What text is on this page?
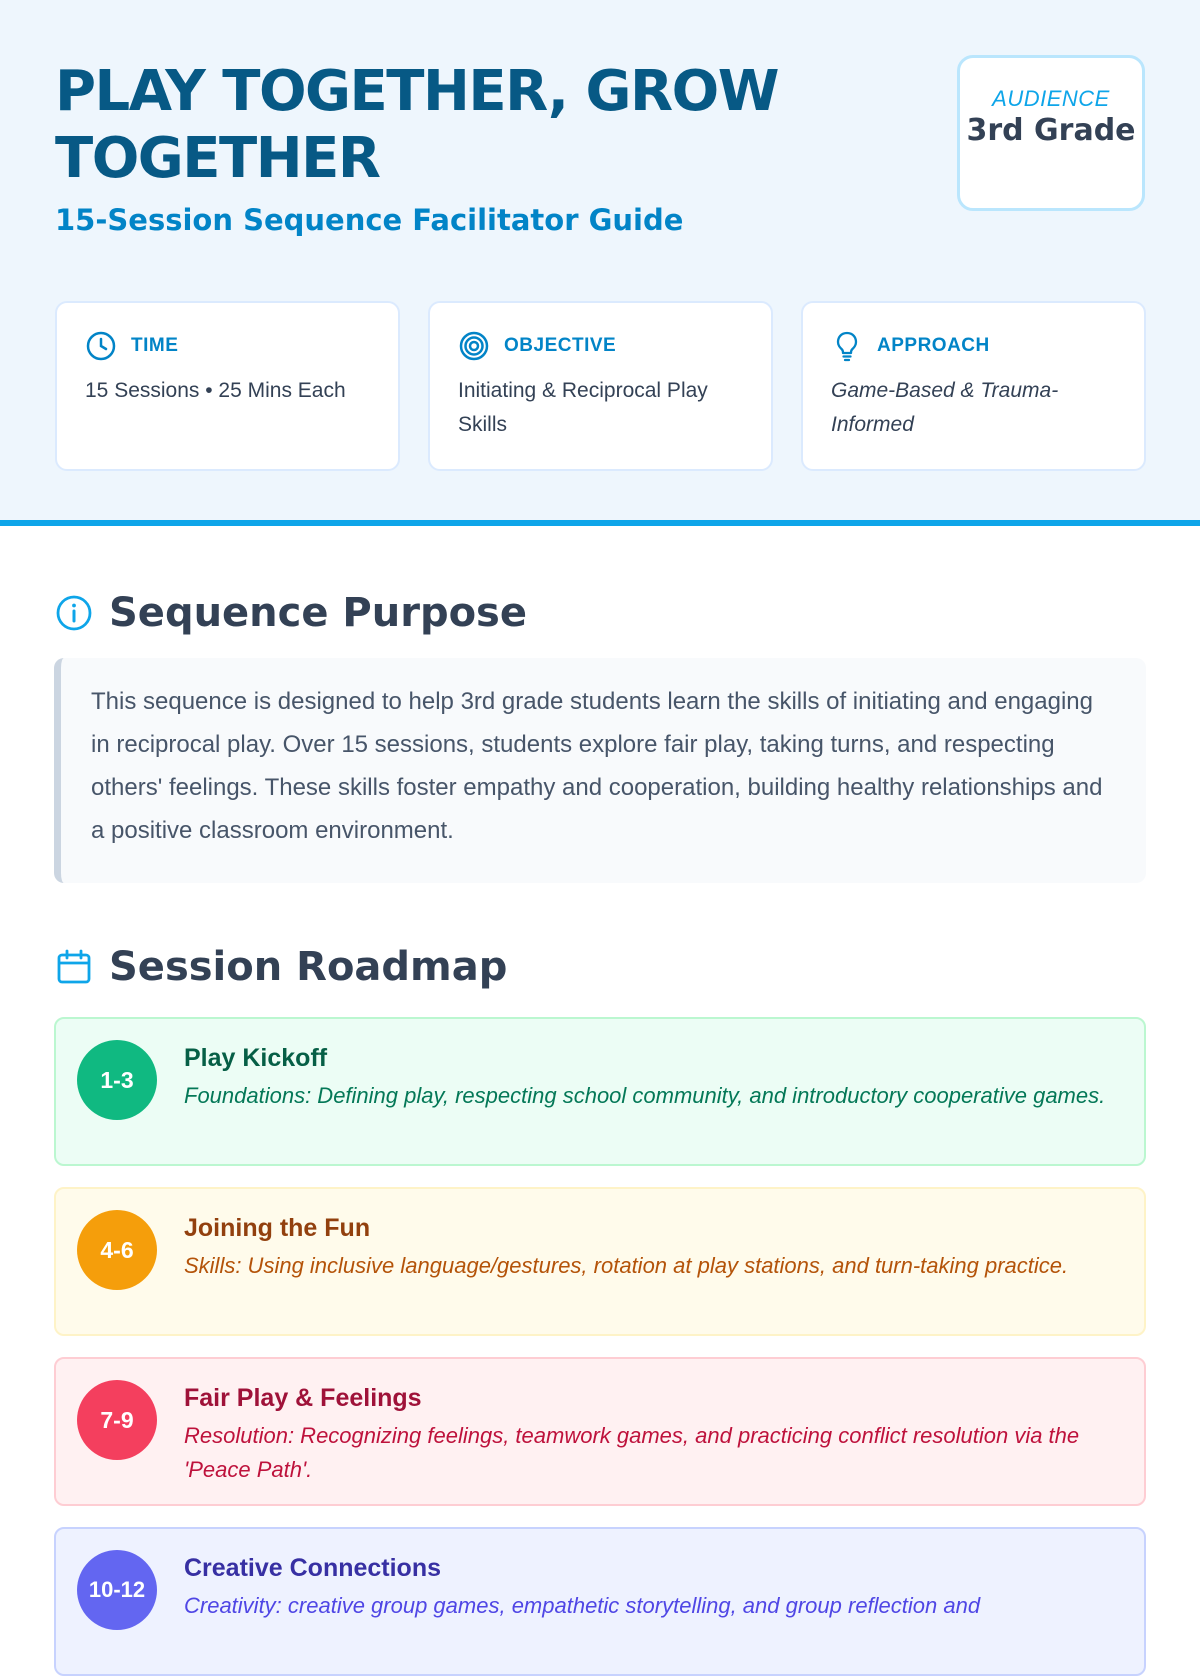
PLAY TOGETHER, GROW TOGETHER
15-Session Sequence Facilitator Guide
AUDIENCE
3rd Grade
TIME
15 Sessions • 25 Mins Each
OBJECTIVE
Initiating & Reciprocal Play Skills
APPROACH
Game-Based & Trauma-Informed
Sequence Purpose
This sequence is designed to help 3rd grade students learn the skills of initiating and engaging in reciprocal play. Over 15 sessions, students explore fair play, taking turns, and respecting others' feelings. These skills foster empathy and cooperation, building healthy relationships and a positive classroom environment.
Session Roadmap
1-3
Play Kickoff
Foundations: Defining play, respecting school community, and introductory cooperative games.
4-6
Joining the Fun
Skills: Using inclusive language/gestures, rotation at play stations, and turn-taking practice.
7-9
Fair Play & Feelings
Resolution: Recognizing feelings, teamwork games, and practicing conflict resolution via the 'Peace Path'.
10-12
Creative Connections
Creativity: creative group games, empathetic storytelling, and group reflection and
